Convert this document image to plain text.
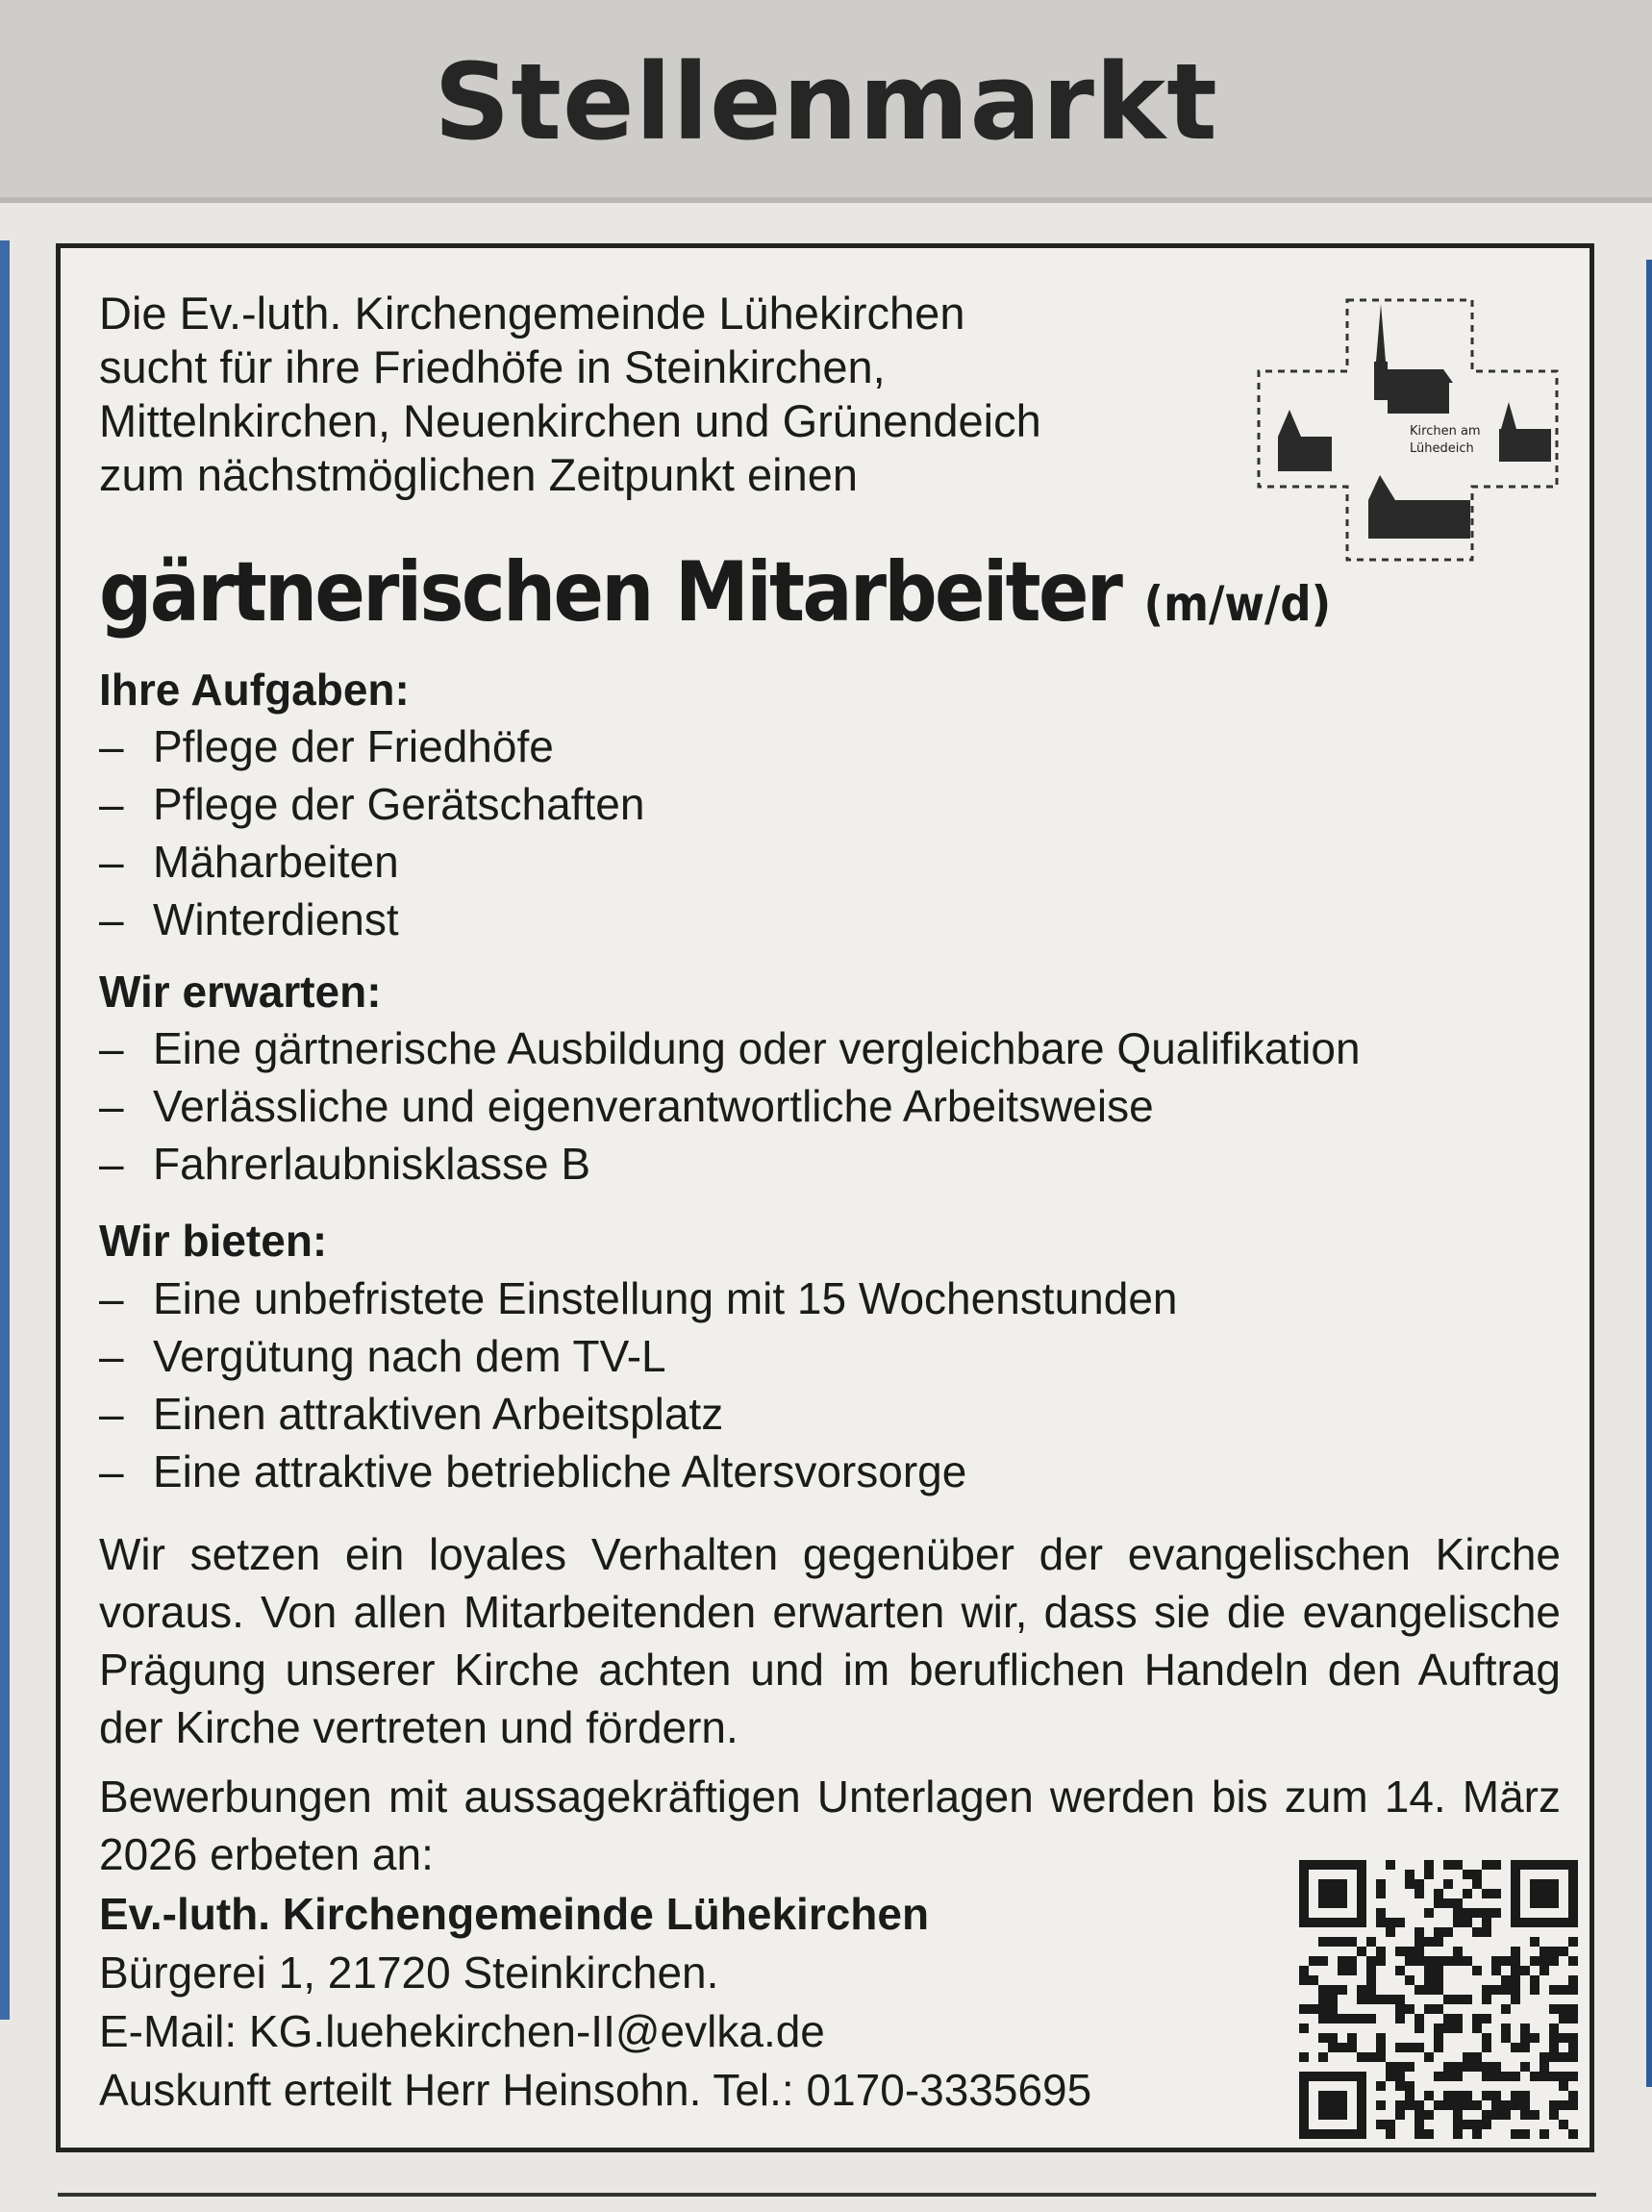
Stellenmarkt
Die Ev.-luth. Kirchengemeinde Lühekirchen
sucht für ihre Friedhöfe in Steinkirchen,
Mittelnkirchen, Neuenkirchen und Grünendeich
zum nächstmöglichen Zeitpunkt einen
Kirchen am
Lühedeich
gärtnerischen Mitarbeiter (m/w/d)
Ihre Aufgaben:
– Pflege der Friedhöfe
– Pflege der Gerätschaften
– Mäharbeiten
– Winterdienst
Wir erwarten:
– Eine gärtnerische Ausbildung oder vergleichbare Qualifikation
– Verlässliche und eigenverantwortliche Arbeitsweise
– Fahrerlaubnisklasse B
Wir bieten:
– Eine unbefristete Einstellung mit 15 Wochenstunden
– Vergütung nach dem TV-L
– Einen attraktiven Arbeitsplatz
– Eine attraktive betriebliche Altersvorsorge
Wir setzen ein loyales Verhalten gegenüber der evangelischen Kirche voraus. Von allen Mitarbeitenden erwarten wir, dass sie die evangelische Prägung unserer Kirche achten und im beruflichen Handeln den Auftrag der Kirche vertreten und fördern.
Bewerbungen mit aussagekräftigen Unterlagen werden bis zum 14. März 2026 erbeten an:
Ev.-luth. Kirchengemeinde Lühekirchen
Bürgerei 1, 21720 Steinkirchen.
E-Mail: KG.luehekirchen-II@evlka.de
Auskunft erteilt Herr Heinsohn. Tel.: 0170-3335695
